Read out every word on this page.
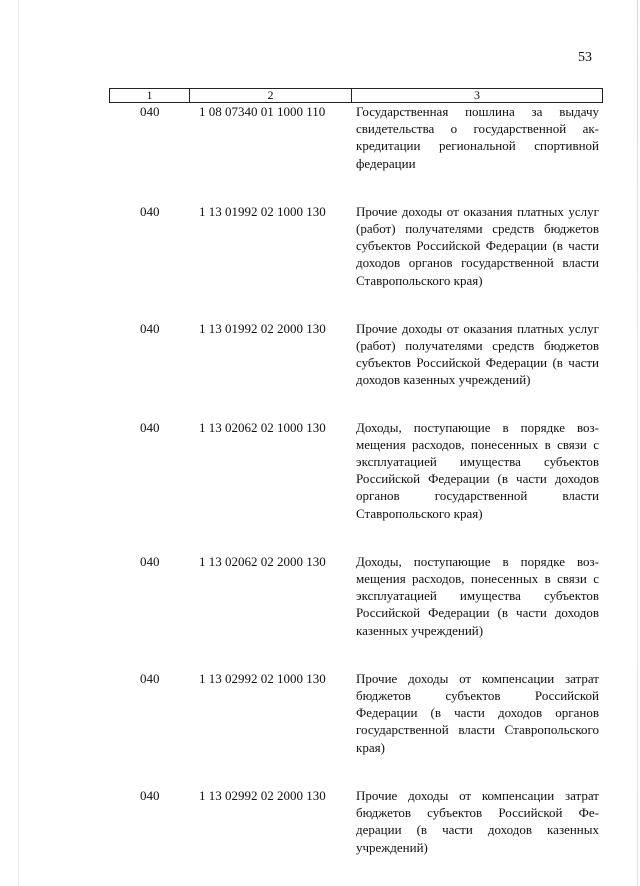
53
1	2	3
040	1 08 07340 01 1000 110	Государственная пошлина за выдачу свидетельства о государственной аккредитации региональной спортивной федерации
040	1 13 01992 02 1000 130	Прочие доходы от оказания платных услуг (работ) получателями средств бюджетов субъектов Российской Федерации (в части доходов органов государственной власти Ставропольского края)
040	1 13 01992 02 2000 130	Прочие доходы от оказания платных услуг (работ) получателями средств бюджетов субъектов Российской Федерации (в части доходов казенных учреждений)
040	1 13 02062 02 1000 130	Доходы, поступающие в порядке возмещения расходов, понесенных в связи с эксплуатацией имущества субъектов Российской Федерации (в части доходов органов государственной власти Ставропольского края)
040	1 13 02062 02 2000 130	Доходы, поступающие в порядке возмещения расходов, понесенных в связи с эксплуатацией имущества субъектов Российской Федерации (в части доходов казенных учреждений)
040	1 13 02992 02 1000 130	Прочие доходы от компенсации затрат бюджетов субъектов Российской Федерации (в части доходов органов государственной власти Ставропольского края)
040	1 13 02992 02 2000 130	Прочие доходы от компенсации затрат бюджетов субъектов Российской Федерации (в части доходов казенных учреждений)
